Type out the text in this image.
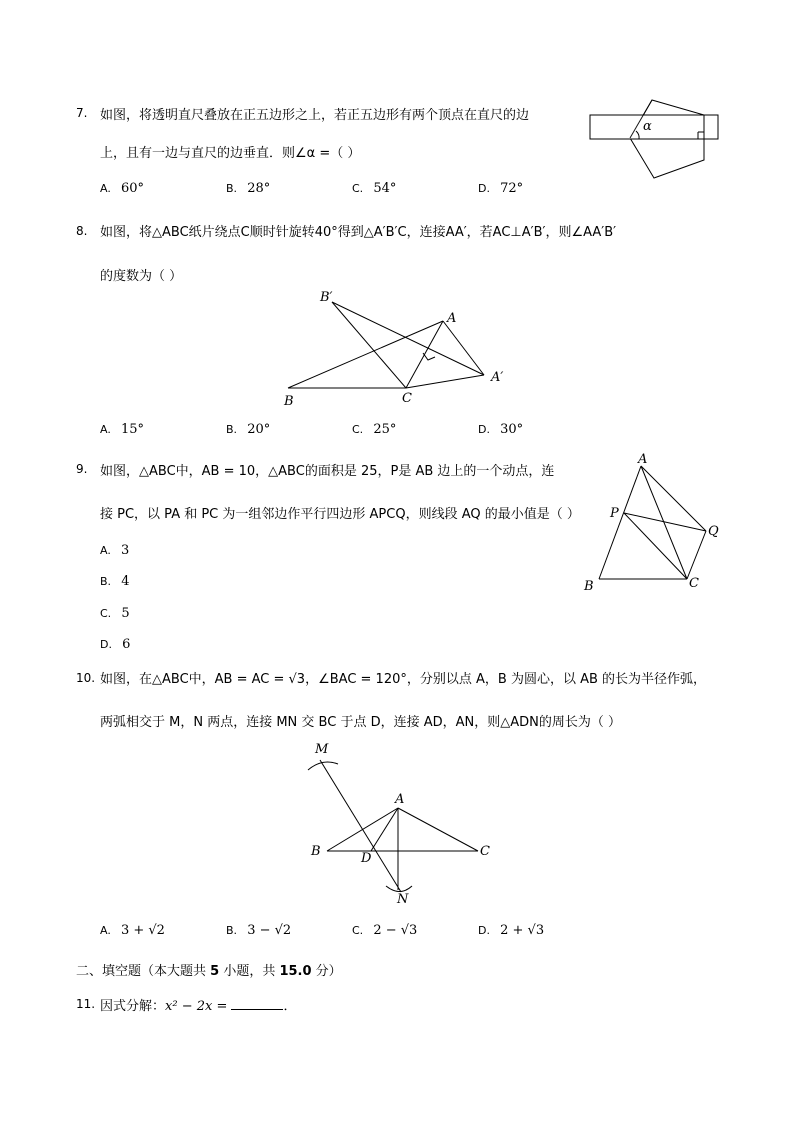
7. 如图，将透明直尺叠放在正五边形之上，若正五边形有两个顶点在直尺的边
上，且有一边与直尺的边垂直．则∠α =（ ）
A. 60°	B. 28°	C. 54°	D. 72°
α
8. 如图，将△ABC纸片绕点C顺时针旋转40°得到△A′B′C，连接AA′，若AC⊥A′B′，则∠AA′B′
的度数为（ ）
B′
A
A′
B	C
A. 15°	B. 20°	C. 25°	D. 30°
9. 如图，△ABC中，AB = 10，△ABC的面积是 25，P是 AB 边上的一个动点，连
接 PC，以 PA 和 PC 为一组邻边作平行四边形 APCQ，则线段 AQ 的最小值是（ ）
A. 3
B. 4
C. 5
D. 6
A
P
Q
B	C
10. 如图，在△ABC中，AB = AC = √3，∠BAC = 120°，分别以点 A，B 为圆心，以 AB 的长为半径作弧，
两弧相交于 M，N 两点，连接 MN 交 BC 于点 D，连接 AD，AN，则△ADN的周长为（ ）
M
A
B	D	C
N
A. 3 + √2	B. 3 − √2	C. 2 − √3	D. 2 + √3
二、填空题（本大题共 5 小题，共 15.0 分）
11. 因式分解：x² − 2x =	．
